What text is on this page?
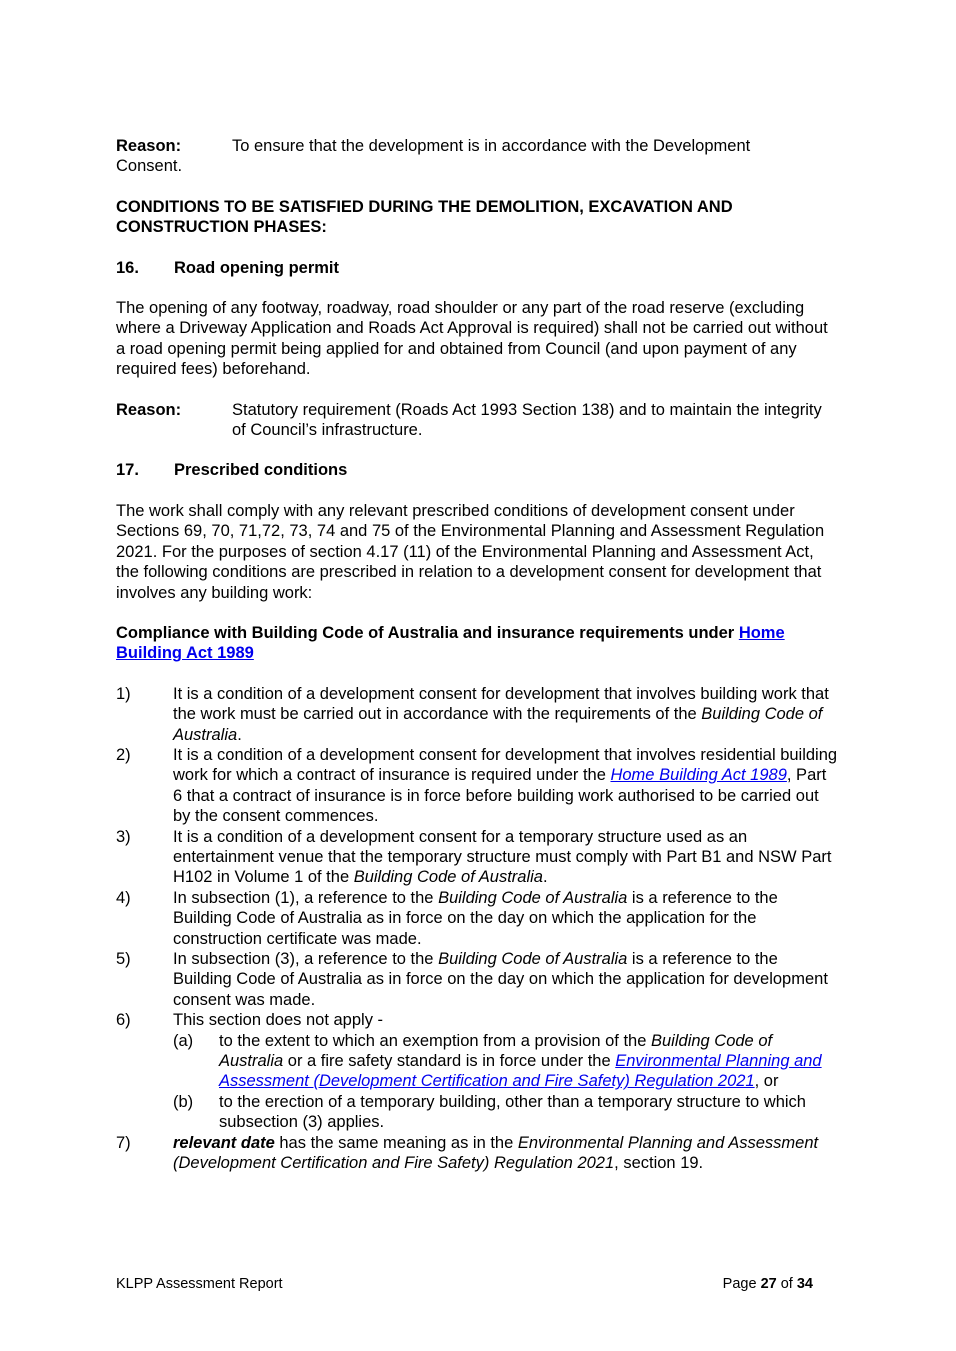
Reason:	To ensure that the development is in accordance with the Development
Consent.
CONDITIONS TO BE SATISFIED DURING THE DEMOLITION, EXCAVATION AND CONSTRUCTION PHASES:
16.	Road opening permit
The opening of any footway, roadway, road shoulder or any part of the road reserve (excluding where a Driveway Application and Roads Act Approval is required) shall not be carried out without a road opening permit being applied for and obtained from Council (and upon payment of any required fees) beforehand.
Reason:	Statutory requirement (Roads Act 1993 Section 138) and to maintain the integrity of Council’s infrastructure.
17.	Prescribed conditions
The work shall comply with any relevant prescribed conditions of development consent under Sections 69, 70, 71,72, 73, 74 and 75 of the Environmental Planning and Assessment Regulation 2021. For the purposes of section 4.17 (11) of the Environmental Planning and Assessment Act, the following conditions are prescribed in relation to a development consent for development that involves any building work:
Compliance with Building Code of Australia and insurance requirements under Home Building Act 1989
1)	It is a condition of a development consent for development that involves building work that the work must be carried out in accordance with the requirements of the Building Code of Australia.
2)	It is a condition of a development consent for development that involves residential building work for which a contract of insurance is required under the Home Building Act 1989, Part 6 that a contract of insurance is in force before building work authorised to be carried out by the consent commences.
3)	It is a condition of a development consent for a temporary structure used as an entertainment venue that the temporary structure must comply with Part B1 and NSW Part H102 in Volume 1 of the Building Code of Australia.
4)	In subsection (1), a reference to the Building Code of Australia is a reference to the Building Code of Australia as in force on the day on which the application for the construction certificate was made.
5)	In subsection (3), a reference to the Building Code of Australia is a reference to the Building Code of Australia as in force on the day on which the application for development consent was made.
6)	This section does not apply -
(a)	to the extent to which an exemption from a provision of the Building Code of Australia or a fire safety standard is in force under the Environmental Planning and Assessment (Development Certification and Fire Safety) Regulation 2021, or
(b)	to the erection of a temporary building, other than a temporary structure to which subsection (3) applies.
7)	relevant date has the same meaning as in the Environmental Planning and Assessment (Development Certification and Fire Safety) Regulation 2021, section 19.
KLPP Assessment Report	Page 27 of 34
